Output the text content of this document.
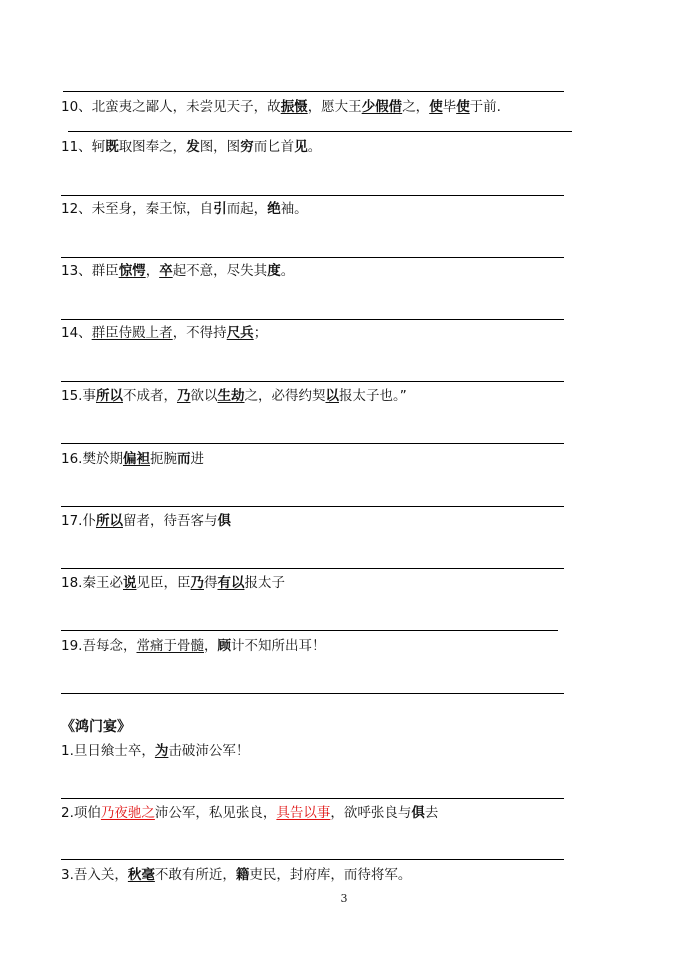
10、北蛮夷之鄙人，未尝见天子，故振慑，愿大王少假借之，使毕使于前.
11、轲既取图奉之，发图，图穷而匕首见。
12、未至身，秦王惊，自引而起，绝袖。
13、群臣惊愕，卒起不意，尽失其度。
14、群臣侍殿上者，不得持尺兵；
15.事所以不成者，乃欲以生劫之，必得约契以报太子也。”
16.樊於期偏袒扼腕而进
17.仆所以留者，待吾客与俱
18.秦王必说见臣，臣乃得有以报太子
19.吾每念，常痛于骨髓，顾计不知所出耳！
《鸿门宴》
1.旦日飨士卒，为击破沛公军！
2.项伯乃夜驰之沛公军，私见张良，具告以事，欲呼张良与俱去
3.吾入关，秋毫不敢有所近，籍吏民，封府库，而待将军。
3
